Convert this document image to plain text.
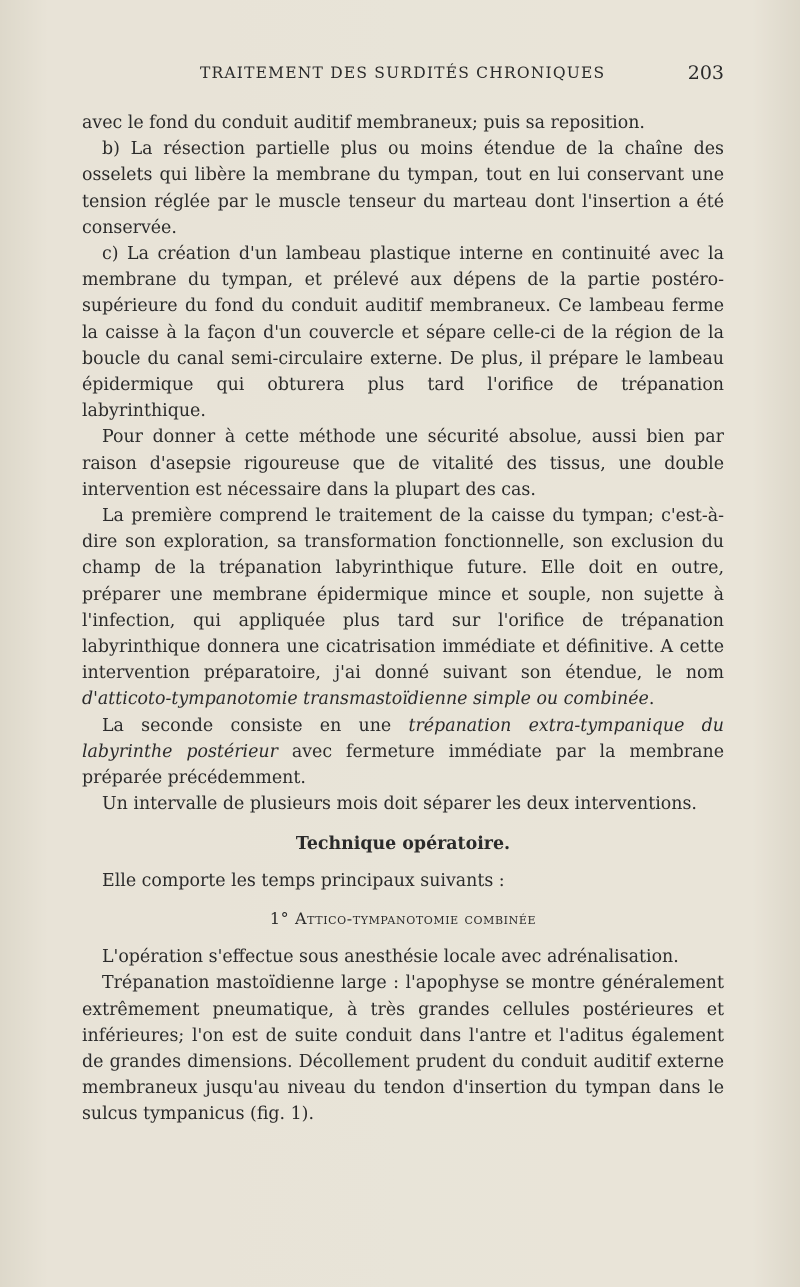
TRAITEMENT DES SURDITÉS CHRONIQUES	203

avec le fond du conduit auditif membraneux; puis sa reposition.

b) La résection partielle plus ou moins étendue de la chaîne des osselets qui libère la membrane du tympan, tout en lui conservant une tension réglée par le muscle tenseur du marteau dont l'insertion a été conservée.

c) La création d'un lambeau plastique interne en continuité avec la membrane du tympan, et prélevé aux dépens de la partie postéro-supérieure du fond du conduit auditif membraneux. Ce lambeau ferme la caisse à la façon d'un couvercle et sépare celle-ci de la région de la boucle du canal semi-circulaire externe. De plus, il prépare le lambeau épidermique qui obturera plus tard l'orifice de trépanation labyrinthique.

Pour donner à cette méthode une sécurité absolue, aussi bien par raison d'asepsie rigoureuse que de vitalité des tissus, une double intervention est nécessaire dans la plupart des cas.

La première comprend le traitement de la caisse du tympan; c'est-à-dire son exploration, sa transformation fonctionnelle, son exclusion du champ de la trépanation labyrinthique future. Elle doit en outre, préparer une membrane épidermique mince et souple, non sujette à l'infection, qui appliquée plus tard sur l'orifice de trépanation labyrinthique donnera une cicatrisation immédiate et définitive. A cette intervention préparatoire, j'ai donné suivant son étendue, le nom d'atticoto-tympanotomie transmastoïdienne simple ou combinée.

La seconde consiste en une trépanation extra-tympanique du labyrinthe postérieur avec fermeture immédiate par la membrane préparée précédemment.

Un intervalle de plusieurs mois doit séparer les deux interventions.

Technique opératoire.

Elle comporte les temps principaux suivants :

1° Attico-tympanotomie combinée

L'opération s'effectue sous anesthésie locale avec adrénalisation.

Trépanation mastoïdienne large : l'apophyse se montre généralement extrêmement pneumatique, à très grandes cellules postérieures et inférieures; l'on est de suite conduit dans l'antre et l'aditus également de grandes dimensions. Décollement prudent du conduit auditif externe membraneux jusqu'au niveau du tendon d'insertion du tympan dans le sulcus tympanicus (fig. 1).
